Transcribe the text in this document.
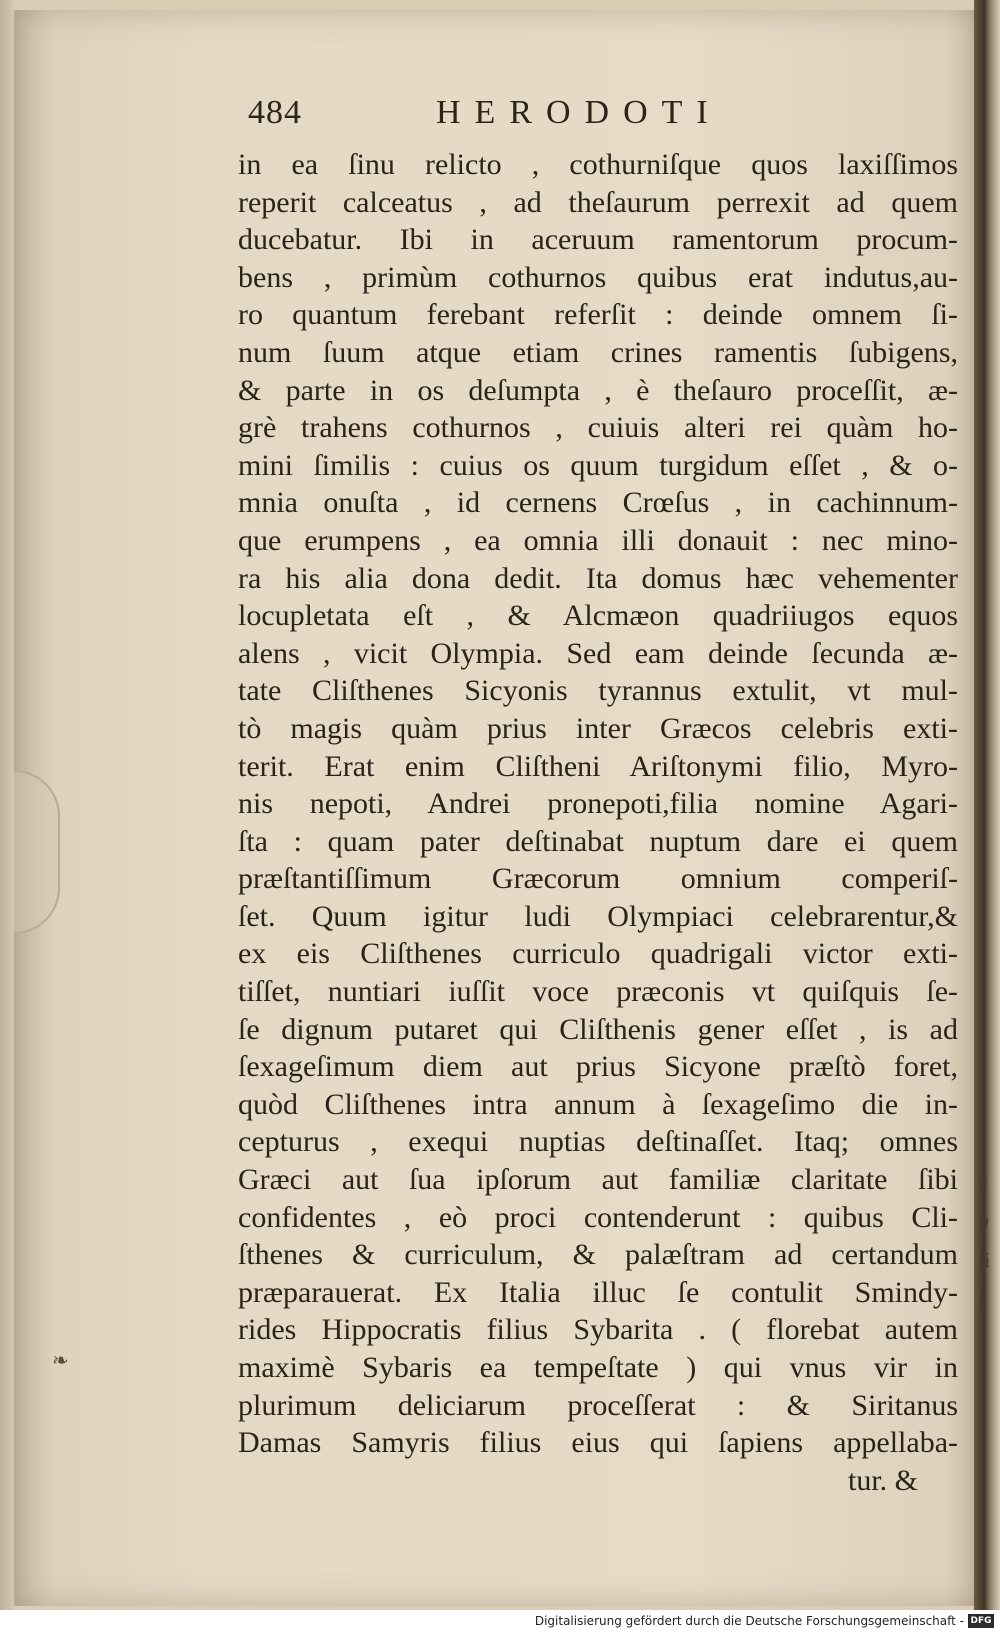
484	HERODOTI
in ea ſinu relicto , cothurniſque quos laxiſſimos
reperit calceatus , ad theſaurum perrexit ad quem
ducebatur. Ibi in aceruum ramentorum procum-
bens , primùm cothurnos quibus erat indutus,au-
ro quantum ferebant referſit : deinde omnem ſi-
num ſuum atque etiam crines ramentis ſubigens,
& parte in os deſumpta , è theſauro proceſſit, æ-
grè trahens cothurnos , cuiuis alteri rei quàm ho-
mini ſimilis : cuius os quum turgidum eſſet , & o-
mnia onuſta , id cernens Crœſus , in cachinnum-
que erumpens , ea omnia illi donauit : nec mino-
ra his alia dona dedit. Ita domus hæc vehementer
locupletata eſt , & Alcmæon quadriiugos equos
alens , vicit Olympia. Sed eam deinde ſecunda æ-
tate Cliſthenes Sicyonis tyrannus extulit, vt mul-
tò magis quàm prius inter Græcos celebris exti-
terit. Erat enim Cliſtheni Ariſtonymi filio, Myro-
nis nepoti, Andrei pronepoti,filia nomine Agari-
ſta : quam pater deſtinabat nuptum dare ei quem
præſtantiſſimum Græcorum omnium comperiſ-
ſet. Quum igitur ludi Olympiaci celebrarentur,&
ex eis Cliſthenes curriculo quadrigali victor exti-
tiſſet, nuntiari iuſſit voce præconis vt quiſquis ſe-
ſe dignum putaret qui Cliſthenis gener eſſet , is ad
ſexageſimum diem aut prius Sicyone præſtò foret,
quòd Cliſthenes intra annum à ſexageſimo die in-
cepturus , exequi nuptias deſtinaſſet. Itaq; omnes
Græci aut ſua ipſorum aut familiæ claritate ſibi
confidentes , eò proci contenderunt : quibus Cli-
ſthenes & curriculum, & palæſtram ad certandum
præparauerat. Ex Italia illuc ſe contulit Smindy-
rides Hippocratis filius Sybarita . ( florebat autem
maximè Sybaris ea tempeſtate ) qui vnus vir in
plurimum deliciarum proceſſerat : & Siritanus
Damas Samyris filius eius qui ſapiens appellaba-
tur. &
❧
c
p
li
i
Digitalisierung gefördert durch die Deutsche Forschungsgemeinschaft - DFG
